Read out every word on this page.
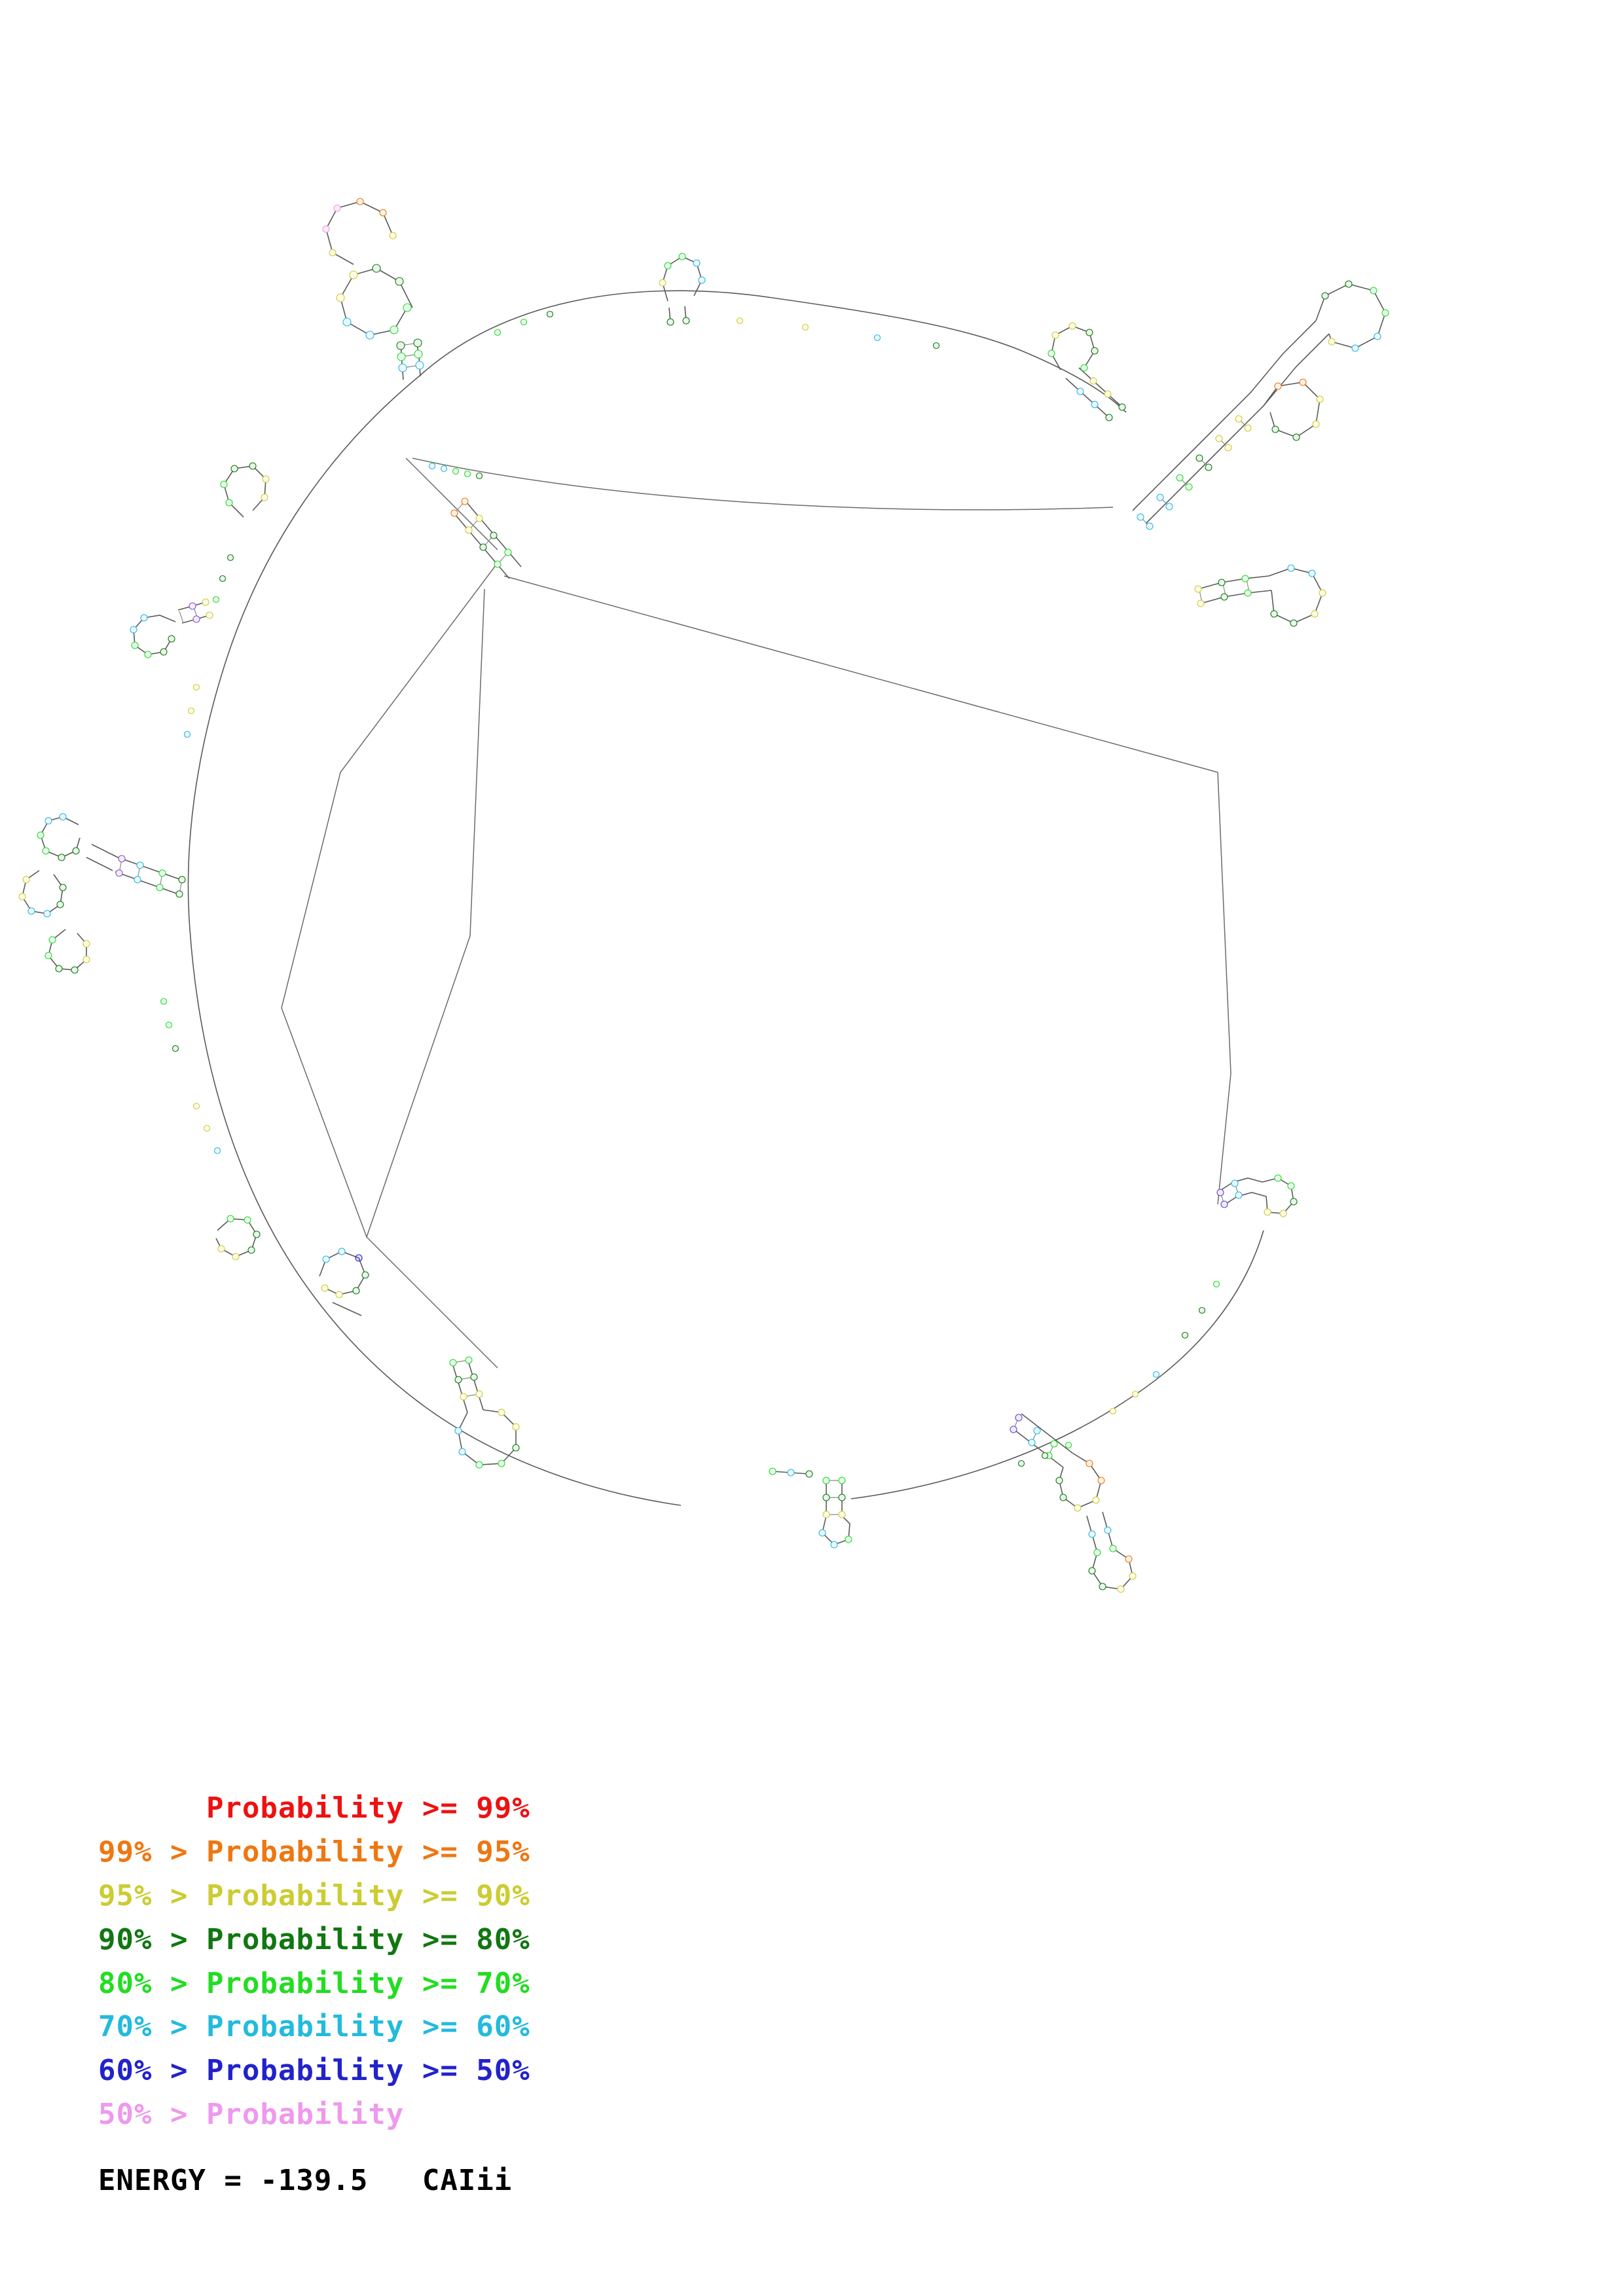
Probability >= 99%
99% > Probability >= 95%
95% > Probability >= 90%
90% > Probability >= 80%
80% > Probability >= 70%
70% > Probability >= 60%
60% > Probability >= 50%
50% > Probability
ENERGY = -139.5   CAIii
